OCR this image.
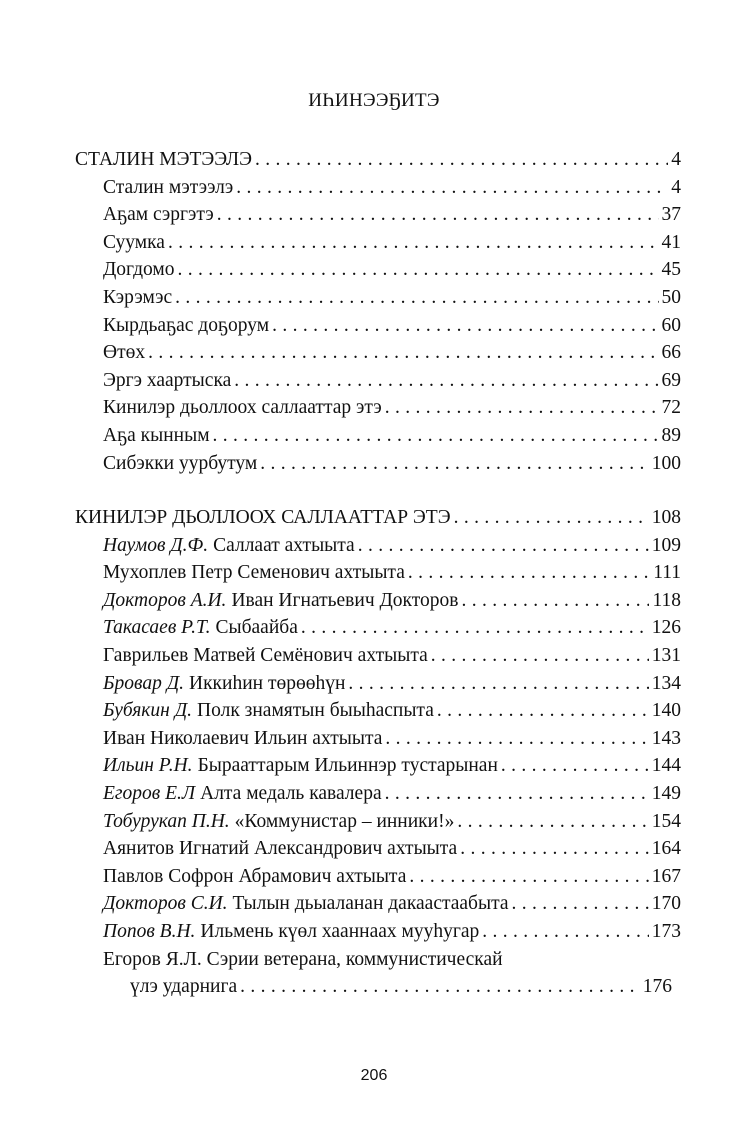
ИҺИНЭЭҔИТЭ
СТАЛИН МЭТЭЭЛЭ . . .	4
Сталин мэтээлэ . . .	4
Аҕам сэргэтэ . . .	37
Суумка . . .	41
Догдомо . . .	45
Кэрэмэс . . .	50
Кырдьаҕас доҕорум . . .	60
Өтөх . . .	66
Эргэ хаартыска . . .	69
Кинилэр дьоллоох саллааттар этэ . . .	72
Аҕа кынным . . .	89
Сибэкки уурбутум . . .	100
КИНИЛЭР ДЬОЛЛООХ САЛЛААТТАР ЭТЭ . . .	108
Наумов Д.Ф. Саллаат ахтыыта . . .	109
Мухоплев Петр Семенович ахтыыта . . .	111
Докторов А.И. Иван Игнатьевич Докторов . . .	118
Такасаев Р.Т. Сыбаайба . . .	126
Гаврильев Матвей Семёнович ахтыыта . . .	131
Бровар Д. Иккиһин төрөөһүн . . .	134
Бубякин Д. Полк знамятын быыһаспыта . . .	140
Иван Николаевич Ильин ахтыыта . . .	143
Ильин Р.Н. Бырааттарым Ильиннэр тустарынан . . .	144
Егоров Е.Л Алта медаль кавалера . . .	149
Тобурукап П.Н. «Коммунистар – инники!» . . .	154
Аянитов Игнатий Александрович ахтыыта . . .	164
Павлов Софрон Абрамович ахтыыта . . .	167
Докторов С.И. Тылын дьыаланан дакаастаабыта . . .	170
Попов В.Н. Ильмень күөл хааннаах мууһугар . . .	173
Егоров Я.Л. Сэрии ветерана, коммунистическай
үлэ ударнига . . .	176
206
